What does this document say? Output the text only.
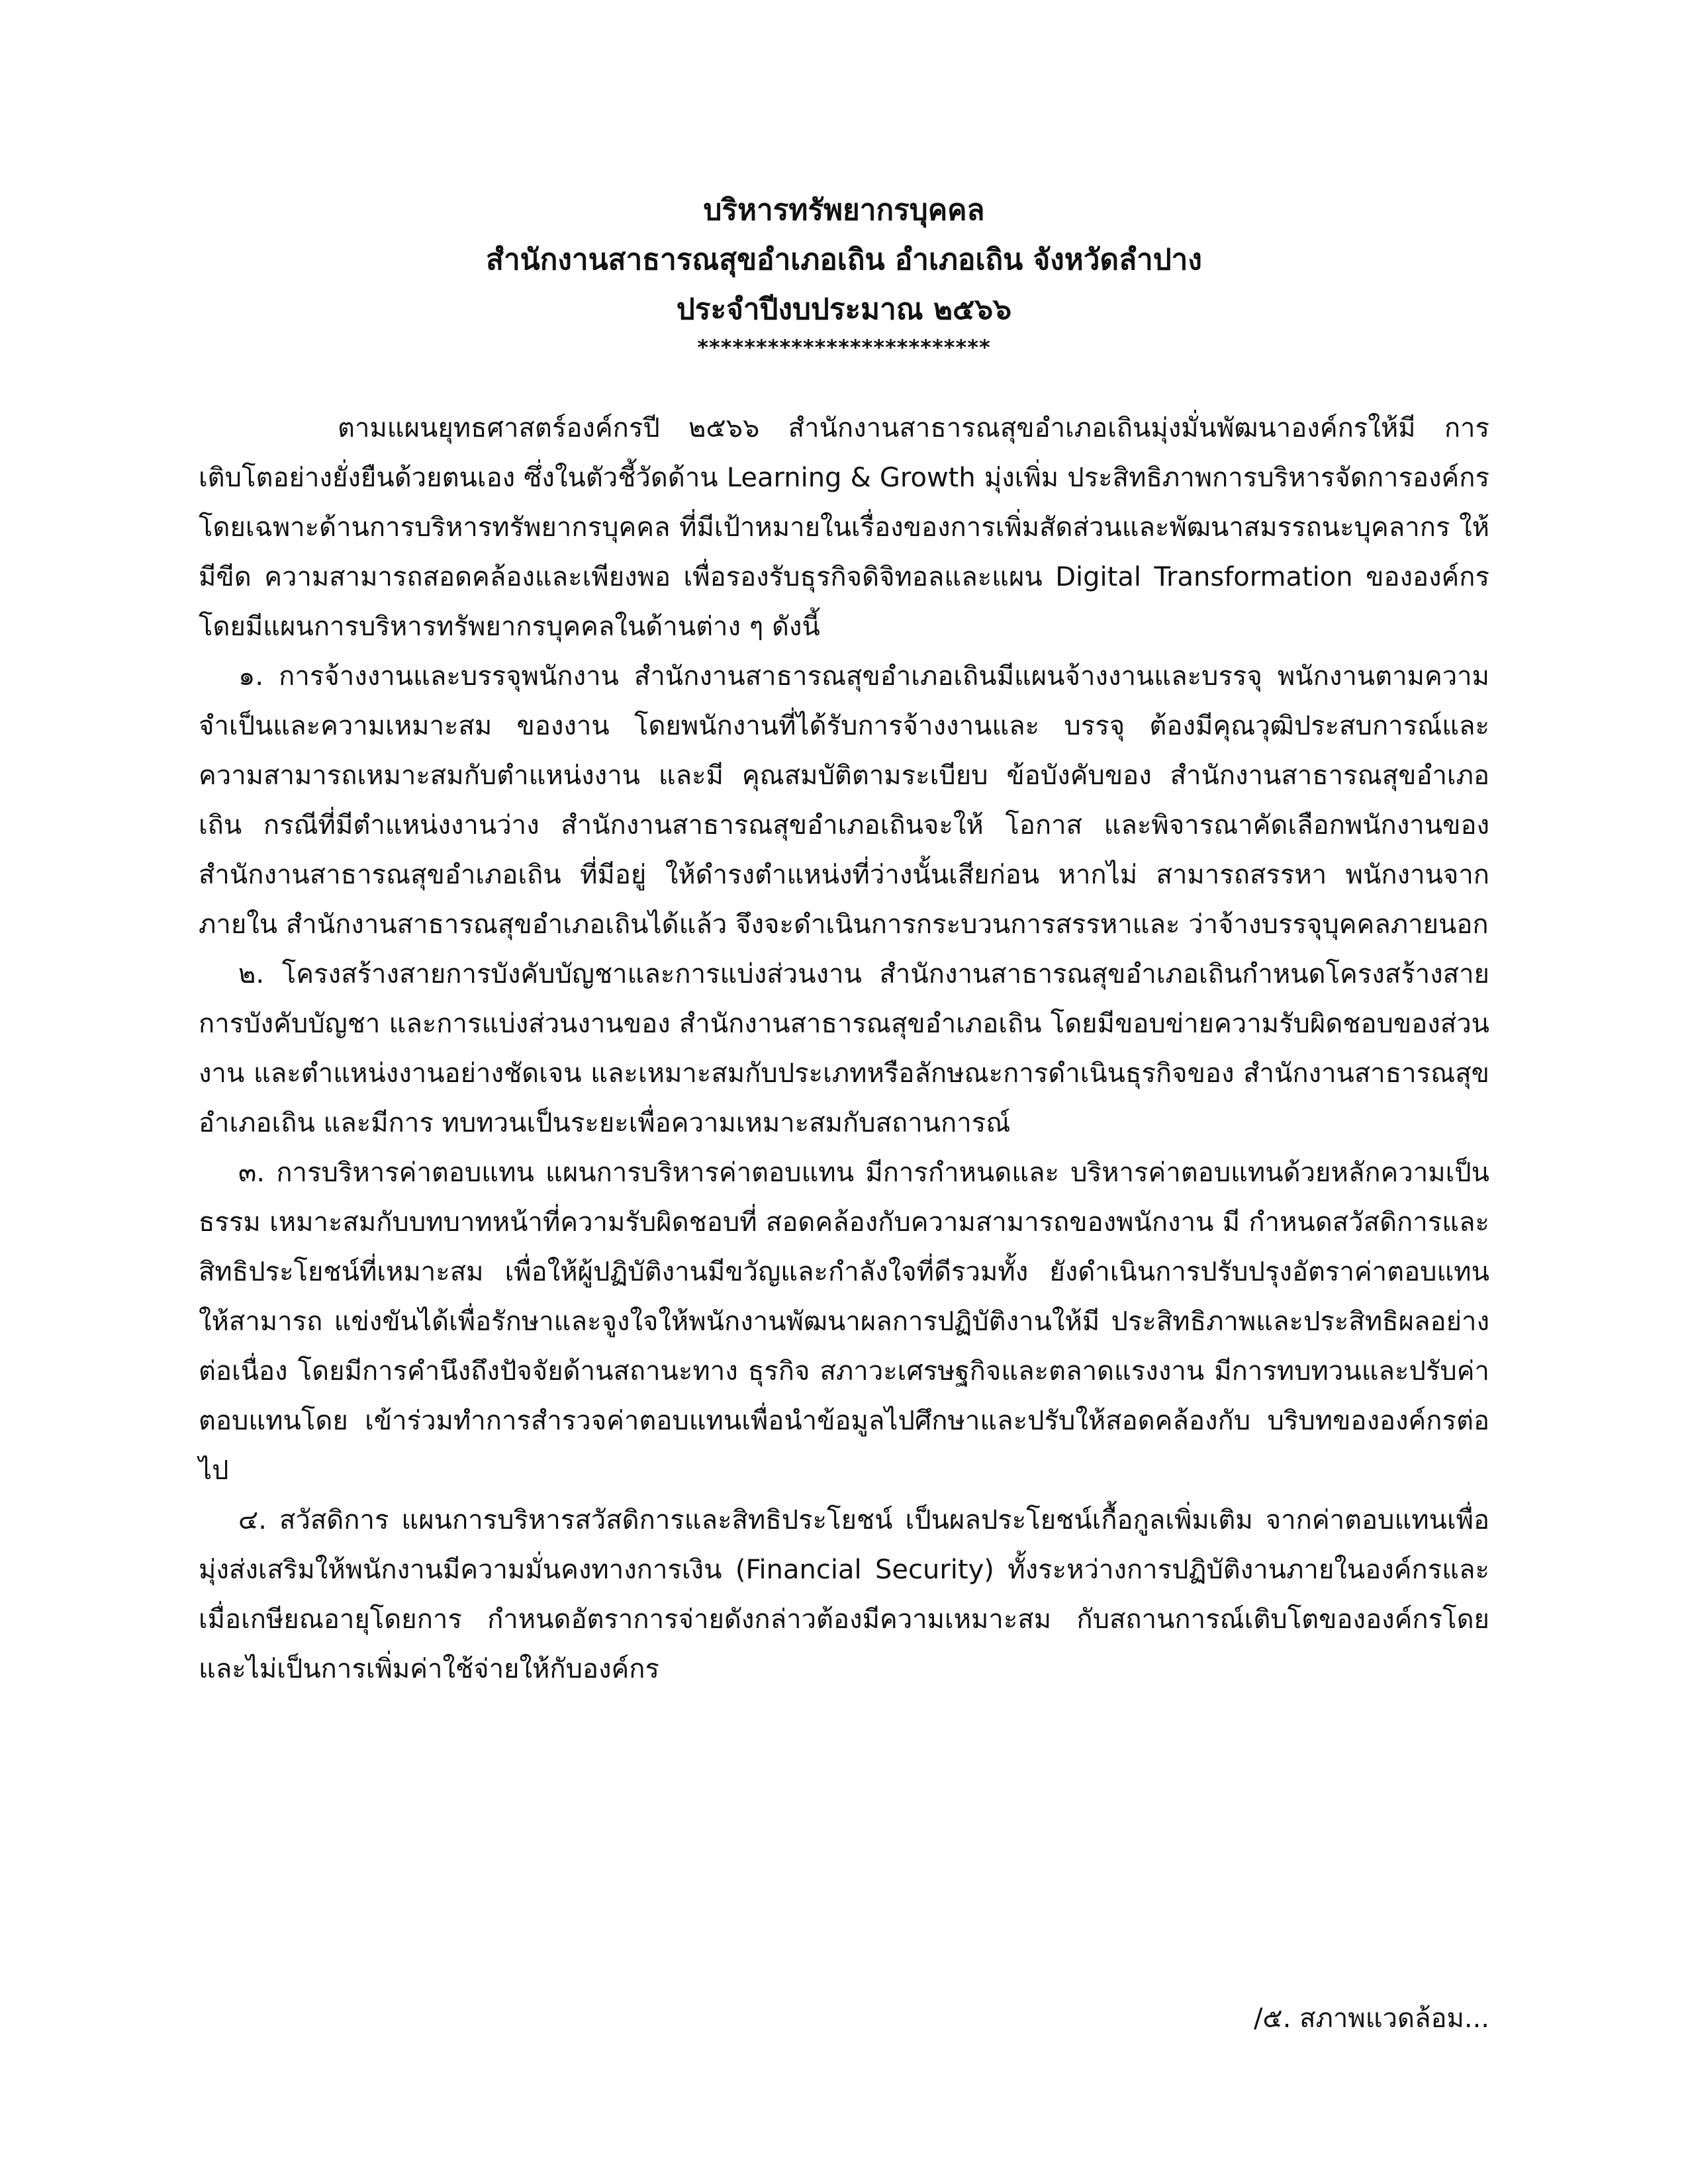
บริหารทรัพยากรบุคคล
สำนักงานสาธารณสุขอำเภอเถิน อำเภอเถิน จังหวัดลำปาง
ประจำปีงบประมาณ ๒๕๖๖
*************************

ตามแผนยุทธศาสตร์องค์กรปี ๒๕๖๖ สำนักงานสาธารณสุขอำเภอเถินมุ่งมั่นพัฒนาองค์กรให้มี การเติบโตอย่างยั่งยืนด้วยตนเอง ซึ่งในตัวชี้วัดด้าน Learning & Growth มุ่งเพิ่ม ประสิทธิภาพการบริหารจัดการองค์กร โดยเฉพาะด้านการบริหารทรัพยากรบุคคล ที่มีเป้าหมายในเรื่องของการเพิ่มสัดส่วนและพัฒนาสมรรถนะบุคลากร ให้มีขีด ความสามารถสอดคล้องและเพียงพอ เพื่อรองรับธุรกิจดิจิทอลและแผน Digital Transformation ขององค์กร โดยมีแผนการบริหารทรัพยากรบุคคลในด้านต่าง ๆ ดังนี้

๑. การจ้างงานและบรรจุพนักงาน สำนักงานสาธารณสุขอำเภอเถินมีแผนจ้างงานและบรรจุ พนักงานตามความจำเป็นและความเหมาะสม ของงาน โดยพนักงานที่ได้รับการจ้างงานและ บรรจุ ต้องมีคุณวุฒิประสบการณ์และ ความสามารถเหมาะสมกับตำแหน่งงาน และมี คุณสมบัติตามระเบียบ ข้อบังคับของ สำนักงานสาธารณสุขอำเภอเถิน กรณีที่มีตำแหน่งงานว่าง สำนักงานสาธารณสุขอำเภอเถินจะให้ โอกาส และพิจารณาคัดเลือกพนักงานของ สำนักงานสาธารณสุขอำเภอเถิน ที่มีอยู่ ให้ดำรงตำแหน่งที่ว่างนั้นเสียก่อน หากไม่ สามารถสรรหา พนักงานจากภายใน สำนักงานสาธารณสุขอำเภอเถินได้แล้ว จึงจะดำเนินการกระบวนการสรรหาและ ว่าจ้างบรรจุบุคคลภายนอก

๒. โครงสร้างสายการบังคับบัญชาและการแบ่งส่วนงาน สำนักงานสาธารณสุขอำเภอเถินกำหนดโครงสร้างสายการบังคับบัญชา และการแบ่งส่วนงานของ สำนักงานสาธารณสุขอำเภอเถิน โดยมีขอบข่ายความรับผิดชอบของส่วนงาน และตำแหน่งงานอย่างชัดเจน และเหมาะสมกับประเภทหรือลักษณะการดำเนินธุรกิจของ สำนักงานสาธารณสุขอำเภอเถิน และมีการ ทบทวนเป็นระยะเพื่อความเหมาะสมกับสถานการณ์

๓. การบริหารค่าตอบแทน แผนการบริหารค่าตอบแทน มีการกำหนดและ บริหารค่าตอบแทนด้วยหลักความเป็นธรรม เหมาะสมกับบทบาทหน้าที่ความรับผิดชอบที่ สอดคล้องกับความสามารถของพนักงาน มี กำหนดสวัสดิการและสิทธิประโยชน์ที่เหมาะสม เพื่อให้ผู้ปฏิบัติงานมีขวัญและกำลังใจที่ดีรวมทั้ง ยังดำเนินการปรับปรุงอัตราค่าตอบแทนให้สามารถ แข่งขันได้เพื่อรักษาและจูงใจให้พนักงานพัฒนาผลการปฏิบัติงานให้มี ประสิทธิภาพและประสิทธิผลอย่างต่อเนื่อง โดยมีการคำนึงถึงปัจจัยด้านสถานะทาง ธุรกิจ สภาวะเศรษฐกิจและตลาดแรงงาน มีการทบทวนและปรับค่าตอบแทนโดย เข้าร่วมทำการสำรวจค่าตอบแทนเพื่อนำข้อมูลไปศึกษาและปรับให้สอดคล้องกับ บริบทขององค์กรต่อไป

๔. สวัสดิการ แผนการบริหารสวัสดิการและสิทธิประโยชน์ เป็นผลประโยชน์เกื้อกูลเพิ่มเติม จากค่าตอบแทนเพื่อมุ่งส่งเสริมให้พนักงานมีความมั่นคงทางการเงิน (Financial Security) ทั้งระหว่างการปฏิบัติงานภายในองค์กรและเมื่อเกษียณอายุโดยการ กำหนดอัตราการจ่ายดังกล่าวต้องมีความเหมาะสม กับสถานการณ์เติบโตขององค์กรโดยและไม่เป็นการเพิ่มค่าใช้จ่ายให้กับองค์กร

/๕. สภาพแวดล้อม...
